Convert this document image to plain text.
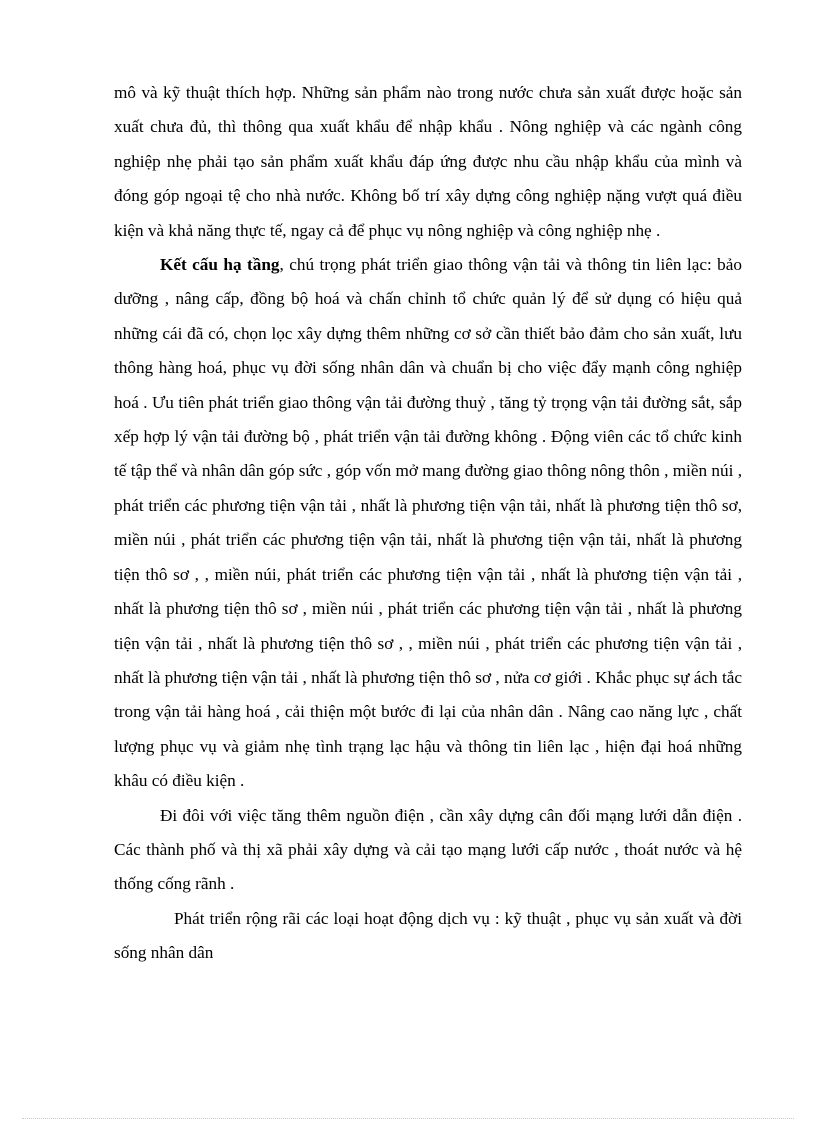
mô và kỹ thuật thích hợp. Những sản phẩm nào trong nước chưa sản xuất được hoặc sản xuất chưa đủ, thì thông qua xuất khẩu để nhập khẩu . Nông nghiệp và các ngành công nghiệp nhẹ phải tạo sản phẩm xuất khẩu đáp ứng được nhu cầu nhập khẩu của mình và đóng góp ngoại tệ cho nhà nước. Không bố trí xây dựng công nghiệp nặng vượt quá điều kiện và khả năng thực tế, ngay cả để phục vụ nông nghiệp và công nghiệp nhẹ .

Kết cấu hạ tầng, chú trọng phát triển giao thông vận tải và thông tin liên lạc: bảo dưỡng , nâng cấp, đồng bộ hoá và chấn chỉnh tổ chức quản lý để sử dụng có hiệu quả những cái đã có, chọn lọc xây dựng thêm những cơ sở cần thiết bảo đảm cho sản xuất, lưu thông hàng hoá, phục vụ đời sống nhân dân và chuẩn bị cho việc đẩy mạnh công nghiệp hoá . Ưu tiên phát triển giao thông vận tải đường thuỷ , tăng tỷ trọng vận tải đường sắt, sắp xếp hợp lý vận tải đường bộ , phát triển vận tải đường không . Động viên các tổ chức kinh tế tập thể và nhân dân góp sức , góp vốn mở mang đường giao thông nông thôn , miền núi , phát triển các phương tiện vận tải , nhất là phương tiện vận tải, nhất là phương tiện thô sơ, miền núi , phát triển các phương tiện vận tải, nhất là phương tiện vận tải, nhất là phương tiện thô sơ , , miền núi, phát triển các phương tiện vận tải , nhất là phương tiện vận tải , nhất là phương tiện thô sơ , miền núi , phát triển các phương tiện vận tải , nhất là phương tiện vận tải , nhất là phương tiện thô sơ , , miền núi , phát triển các phương tiện vận tải , nhất là phương tiện vận tải , nhất là phương tiện thô sơ , nửa cơ giới . Khắc phục sự ách tắc trong vận tải hàng hoá , cải thiện một bước đi lại của nhân dân . Nâng cao năng lực , chất lượng phục vụ và giảm nhẹ tình trạng lạc hậu và thông tin liên lạc , hiện đại hoá những khâu có điều kiện .

Đi đôi với việc tăng thêm nguồn điện , cần xây dựng cân đối mạng lưới dẫn điện . Các thành phố và thị xã phải xây dựng và cải tạo mạng lưới cấp nước , thoát nước và hệ thống cống rãnh .

Phát triển rộng rãi các loại hoạt động dịch vụ : kỹ thuật , phục vụ sản xuất và đời sống nhân dân
